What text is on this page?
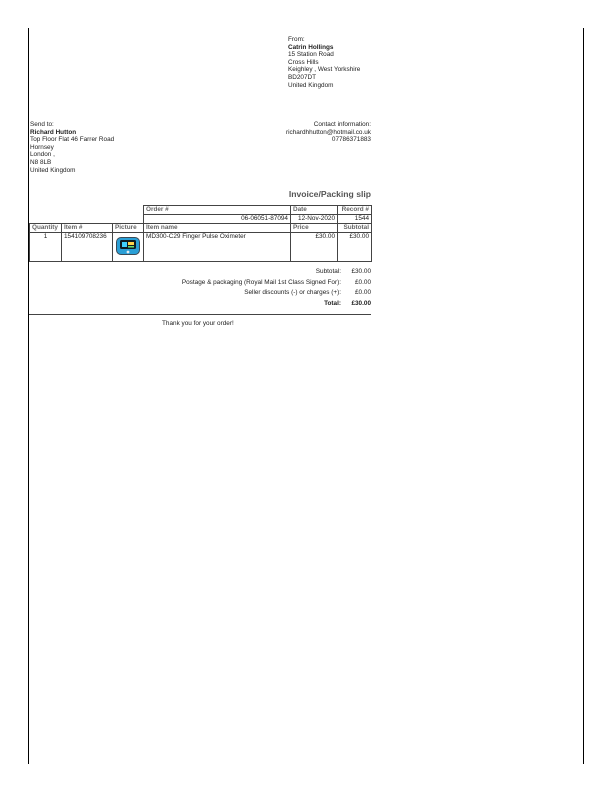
From:
Catrin Hollings
15 Station Road
Cross Hills
Keighley , West Yorkshire
BD207DT
United Kingdom
Send to:
Richard Hutton
Top Floor Flat 46 Farrer Road
Hornsey
London ,
N8 8LB
United Kingdom
Contact information:
richardhhutton@hotmail.co.uk
07786371883
Invoice/Packing slip
			Order #	Date	Record #
			06-06051-87094	12-Nov-2020	1544
Quantity	Item #	Picture	Item name	Price	Subtotal
1	154109708236		MD300-C29 Finger Pulse Oximeter	£30.00	£30.00
Subtotal:	£30.00
Postage & packaging (Royal Mail 1st Class Signed For):	£0.00
Seller discounts (-) or charges (+):	£0.00
Total:	£30.00
Thank you for your order!
